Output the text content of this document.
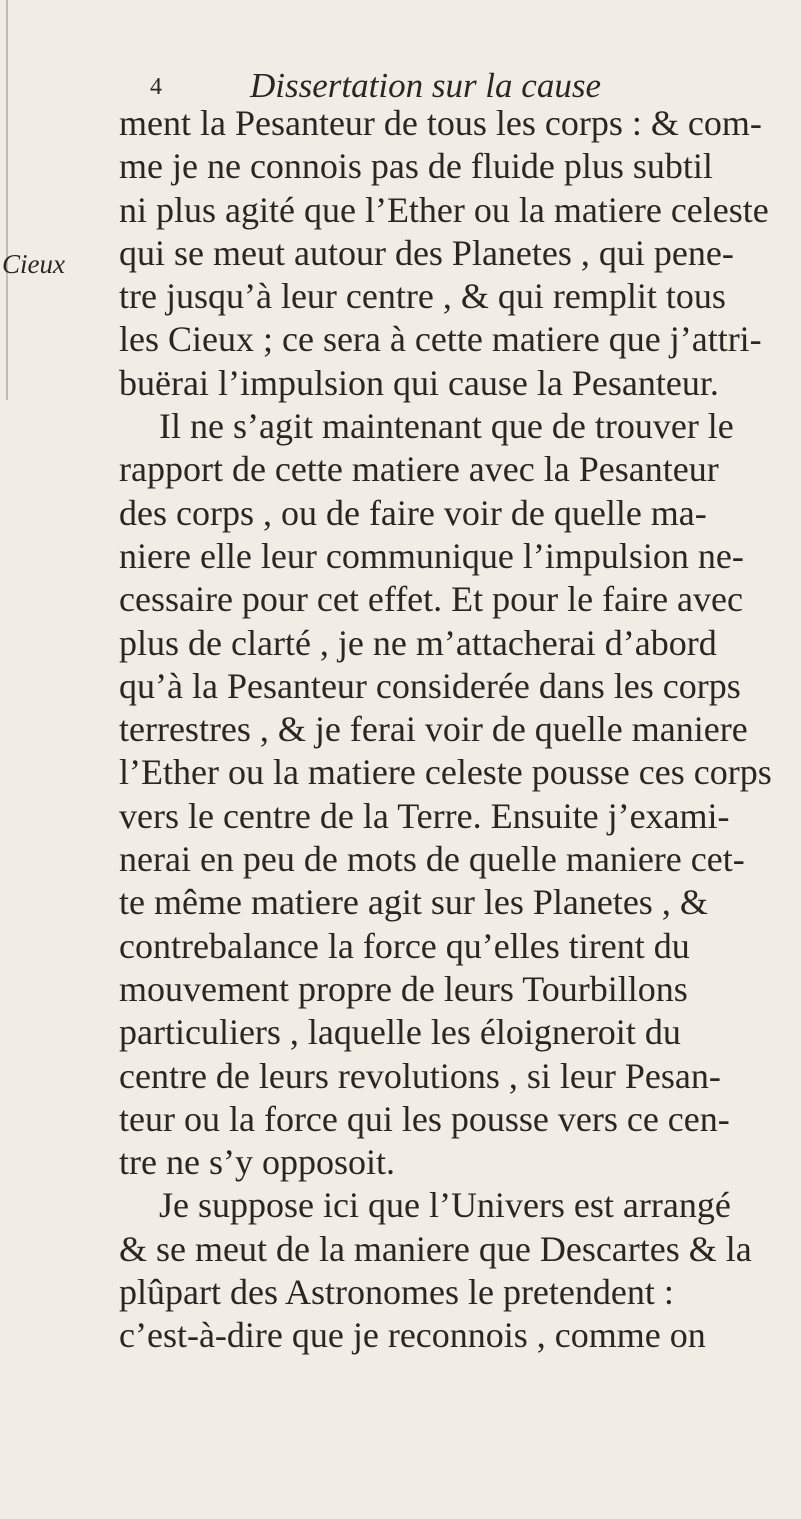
Cieux
4	Dissertation sur la cause
ment la Pesanteur de tous les corps : & com-
me je ne connois pas de fluide plus subtil
ni plus agité que l’Ether ou la matiere celeste
qui se meut autour des Planetes , qui pene-
tre jusqu’à leur centre , & qui remplit tous
les Cieux ; ce sera à cette matiere que j’attri-
buërai l’impulsion qui cause la Pesanteur.
Il ne s’agit maintenant que de trouver le
rapport de cette matiere avec la Pesanteur
des corps , ou de faire voir de quelle ma-
niere elle leur communique l’impulsion ne-
cessaire pour cet effet. Et pour le faire avec
plus de clarté , je ne m’attacherai d’abord
qu’à la Pesanteur considerée dans les corps
terrestres , & je ferai voir de quelle maniere
l’Ether ou la matiere celeste pousse ces corps
vers le centre de la Terre. Ensuite j’exami-
nerai en peu de mots de quelle maniere cet-
te même matiere agit sur les Planetes , &
contrebalance la force qu’elles tirent du
mouvement propre de leurs Tourbillons
particuliers , laquelle les éloigneroit du
centre de leurs revolutions , si leur Pesan-
teur ou la force qui les pousse vers ce cen-
tre ne s’y opposoit.
Je suppose ici que l’Univers est arrangé
& se meut de la maniere que Descartes & la
plûpart des Astronomes le pretendent :
c’est-à-dire que je reconnois , comme on
